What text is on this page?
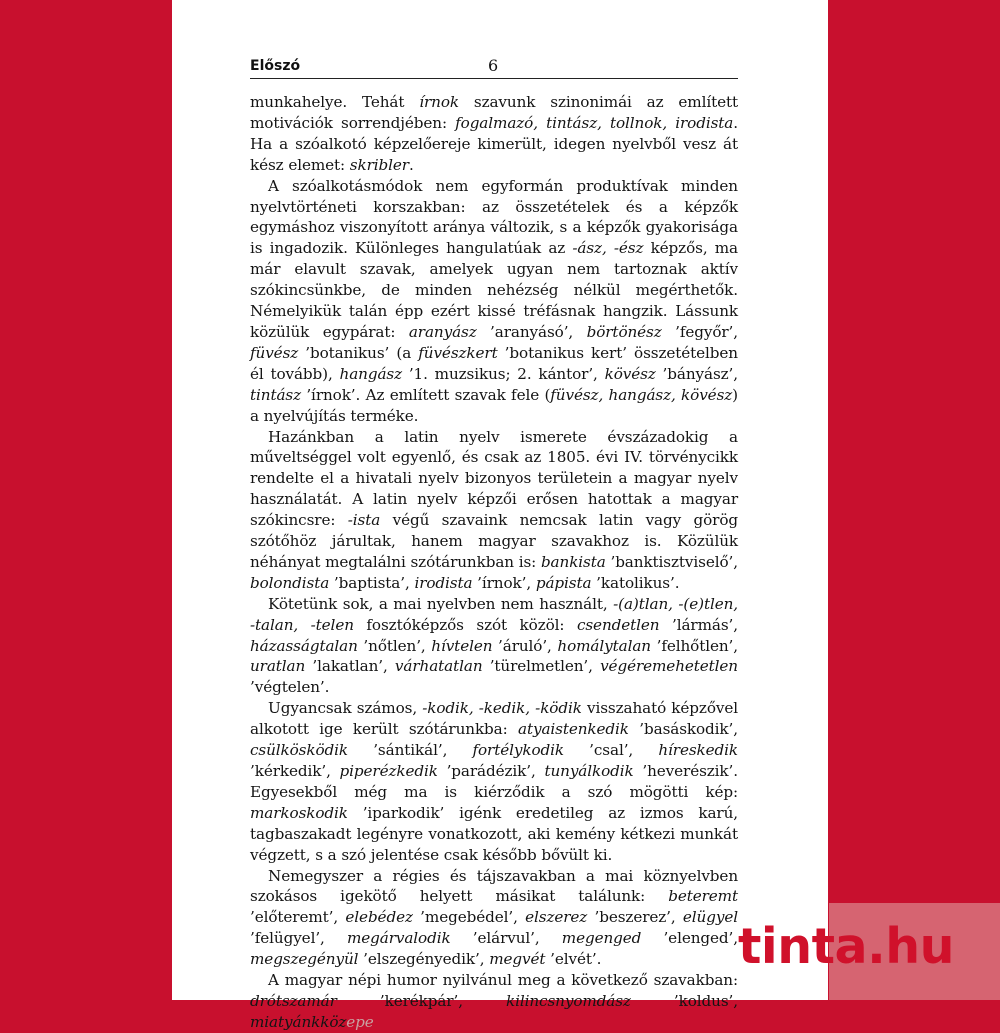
Előszó	6

munkahelye. Tehát írnok szavunk szinonimái az említett motivációk sorrendjében: fogalmazó, tintász, tollnok, irodista. Ha a szóalkotó képzelőereje kimerült, idegen nyelvből vesz át kész elemet: skribler.

A szóalkotásmódok nem egyformán produktívak minden nyelvtörténeti korszakban: az összetételek és a képzők egymáshoz viszonyított aránya változik, s a képzők gyakorisága is ingadozik. Különleges hangulatúak az -ász, -ész képzős, ma már elavult szavak, amelyek ugyan nem tartoznak aktív szókincsünkbe, de minden nehézség nélkül megérthetők. Némelyikük talán épp ezért kissé tréfásnak hangzik. Lássunk közülük egypárat: aranyász ’aranyásó’, börtönész ’fegyőr’, füvész ’botanikus’ (a füvészkert ’botanikus kert’ összetételben él tovább), hangász ’1. muzsikus; 2. kántor’, kövész ’bányász’, tintász ’írnok’. Az említett szavak fele (füvész, hangász, kövész) a nyelvújítás terméke.

Hazánkban a latin nyelv ismerete évszázadokig a műveltséggel volt egyenlő, és csak az 1805. évi IV. törvénycikk rendelte el a hivatali nyelv bizonyos területein a magyar nyelv használatát. A latin nyelv képzői erősen hatottak a magyar szókincsre: -ista végű szavaink nemcsak latin vagy görög szótőhöz járultak, hanem magyar szavakhoz is. Közülük néhányat megtalálni szótárunkban is: bankista ’banktisztviselő’, bolondista ’baptista’, irodista ’írnok’, pápista ’katolikus’.

Kötetünk sok, a mai nyelvben nem használt, -(a)tlan, -(e)tlen, -talan, -telen fosztóképzős szót közöl: csendetlen ’lármás’, házasságtalan ’nőtlen’, hívtelen ’áruló’, homálytalan ’felhőtlen’, uratlan ’lakatlan’, várhatatlan ’türelmetlen’, végéremehetetlen ’végtelen’.

Ugyancsak számos, -kodik, -kedik, -ködik visszaható képzővel alkotott ige került szótárunkba: atyaistenkedik ’basáskodik’, csülkösködik ’sántikál’, fortélykodik ’csal’, híreskedik ’kérkedik’, piperézkedik ’parádézik’, tunyálkodik ’heverészik’. Egyesekből még ma is kiérződik a szó mögötti kép: markoskodik ’iparkodik’ igénk eredetileg az izmos karú, tagbaszakadt legényre vonatkozott, aki kemény kétkezi munkát végzett, s a szó jelentése csak később bővült ki.

Nemegyszer a régies és tájszavakban a mai köznyelvben szokásos igekötő helyett másikat találunk: beteremt ’előteremt’, elebédez ’megebédel’, elszerez ’beszerez’, elügyel ’felügyel’, megárvalodik ’elárvul’, megenged ’elenged’, megszegényül ’elszegényedik’, megvét ’elvét’.

A magyar népi humor nyilvánul meg a következő szavakban: drótszamár ’kerékpár’, kilincsnyomdász ’koldus’, miatyánkközepe

tinta.hu
